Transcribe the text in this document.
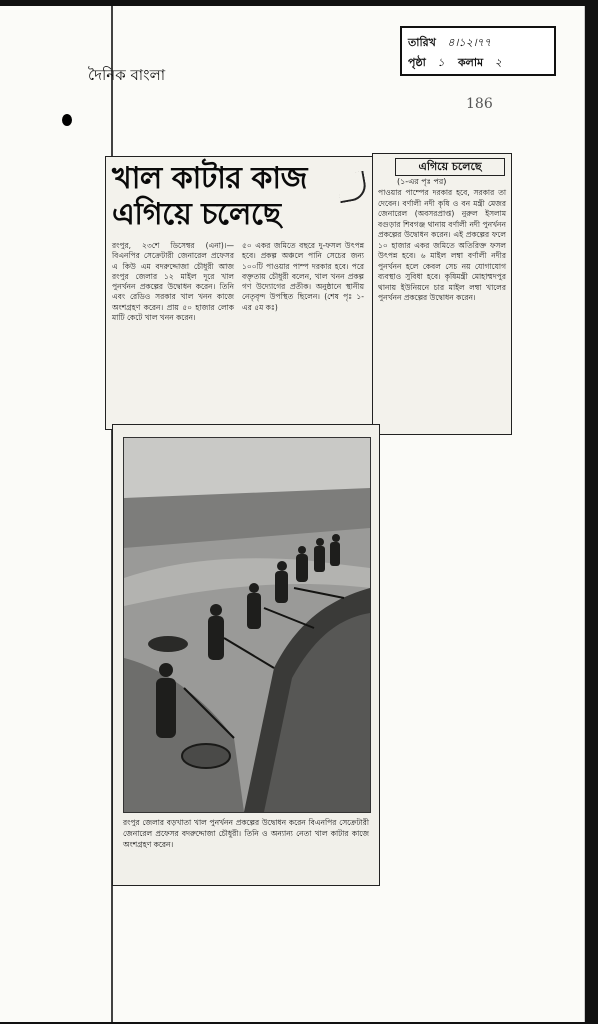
দৈনিক বাংলা
তারিখ ৪।১২।৭৭
পৃষ্ঠা ১ কলাম ২
186
খাল কাটার কাজ এগিয়ে চলেছে
রংপুর, ২৩শে ডিসেম্বর (এনা)।—বিএনপির সেক্রেটারী জেনারেল প্রফেসর এ কিউ এম বদরুদ্দোজা চৌধুরী আজ রংপুর জেলার ১২ মাইল দূরে খাল পুনর্খনন প্রকল্পের উদ্বোধন করেন। তিনি এবং রেডিও সরকার খাল খনন কাজে অংশগ্রহণ করেন। প্রায় ৫০ হাজার লোক মাটি কেটে খাল খনন করেন।
৫০ একর জমিতে বছরে দু-ফসল উৎপন্ন হবে। প্রকল্প অঞ্চলে পানি সেচের জন্য ১০০টি পাওয়ার পাম্প দরকার হবে। পরে বক্তৃতায় চৌধুরী বলেন, খাল খনন প্রকল্প গণ উদ্যোগের প্রতীক। অনুষ্ঠানে স্থানীয় নেতৃবৃন্দ উপস্থিত ছিলেন। (শেষ পৃঃ ১-এর ৫ম কঃ)
এগিয়ে চলেছে
(১-এর পৃঃ পর)
পাওয়ার পাম্পের দরকার হবে, সরকার তা দেবেন। বর্ণালী নদী কৃষি ও বন মন্ত্রী মেজর জেনারেল (অবসরপ্রাপ্ত) নুরুল ইসলাম বগুড়ার শিবগঞ্জ থানায় বর্ণালী নদী পুনর্খনন প্রকল্পের উদ্বোধন করেন। এই প্রকল্পের ফলে ১০ হাজার একর জমিতে অতিরিক্ত ফসল উৎপন্ন হবে। ৬ মাইল লম্বা বর্ণালী নদীর পুনর্খনন হলে কেবল সেচ নয় যোগাযোগ ব্যবস্থাও সুবিধা হবে। কৃষিমন্ত্রী মোহাম্মদপুর থানায় ইউনিয়নে চার মাইল লম্বা খালের পুনর্খনন প্রকল্পের উদ্বোধন করেন।
রংপুর জেলার বড়খাতা খাল পুনর্খনন প্রকল্পের উদ্বোধন করেন বিএনপির সেক্রেটারী জেনারেল প্রফেসর বদরুদ্দোজা চৌধুরী। তিনি ও অন্যান্য নেতা খাল কাটার কাজে অংশগ্রহণ করেন।
